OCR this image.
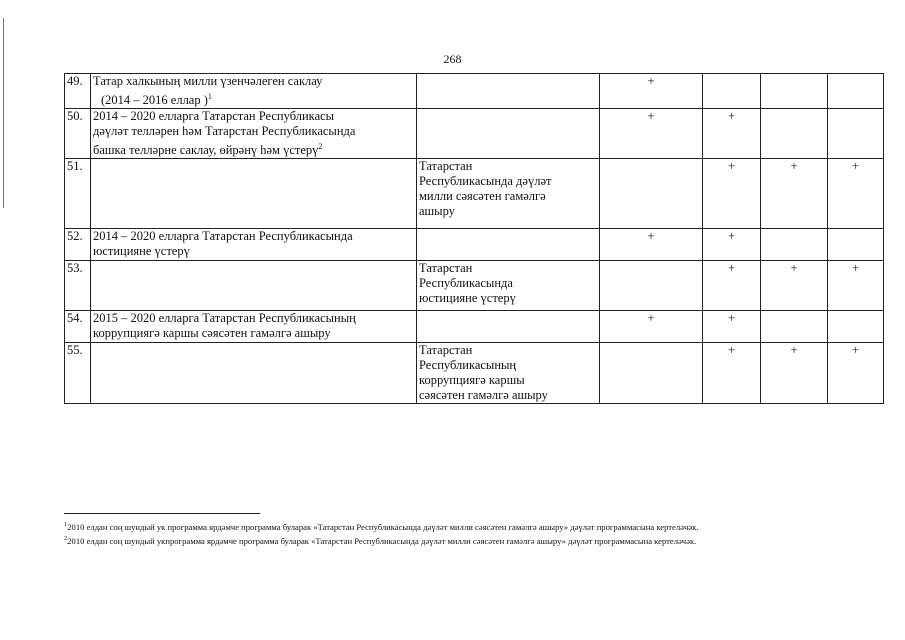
268
49.	Татар халкының милли үзенчәлеген саклау
(2014 – 2016 еллар )$^1$		+			
50.	2014 – 2020 елларга Татарстан Республикасы
дәүләт телләрен һәм Татарстан Республикасында
башка телләрне саклау, өйрәнү һәм үстерү$^2$		+	+		
51.		Татарстан
Республикасында дәүләт
милли сәясәтен гамәлгә
ашыру		+	+	+
52.	2014 – 2020 елларга Татарстан Республикасында
юстицияне үстерү		+	+		
53.		Татарстан
Республикасында
юстицияне үстерү		+	+	+
54.	2015 – 2020 елларга Татарстан Республикасының
коррупциягә каршы сәясәтен гамәлгә ашыру		+	+		
55.		Татарстан
Республикасының
коррупциягә каршы
сәясәтен гамәлгә ашыру		+	+	+
$^1$2010 елдан соң шундый ук программа ярдәмче программа буларак «Татарстан Республикасында дәүләт милли сәясәтен гамәлгә ашыру» дәүләт программасына кертеләчәк.
$^2$2010 елдан соң шундый укпрограмма ярдәмче программа буларак «Татарстан Республикасында дәүләт милли сәясәтен гамәлгә ашыру» дәүләт программасына кертеләчәк.
